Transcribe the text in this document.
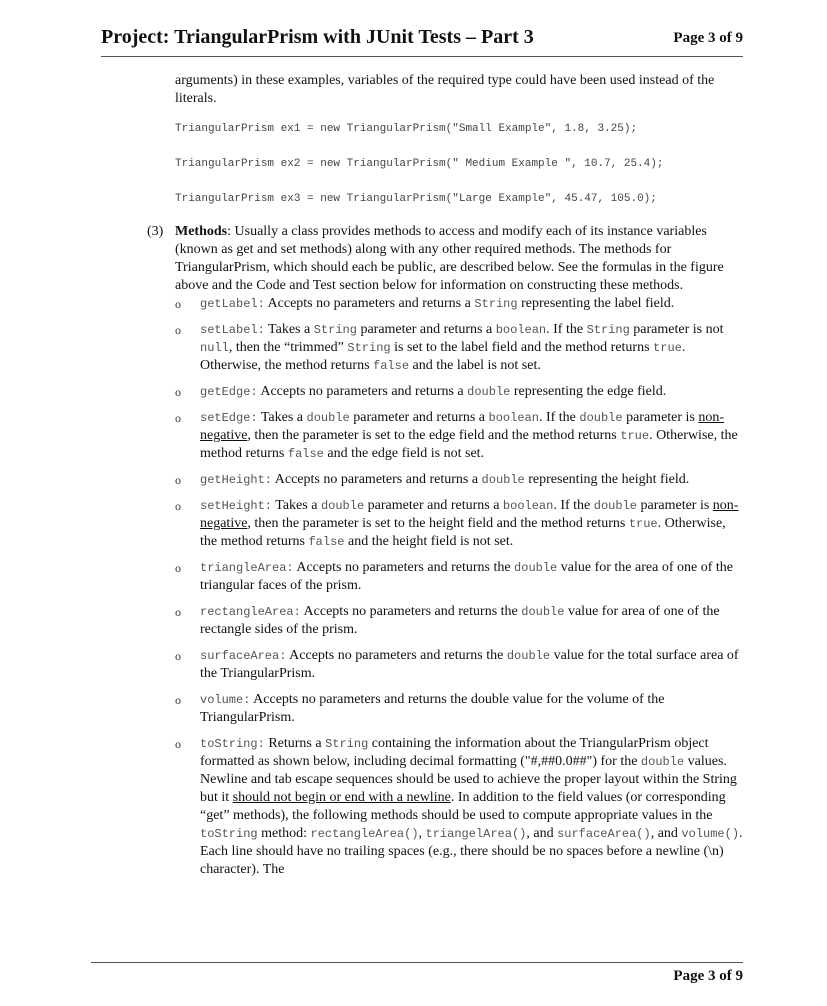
Project: TriangularPrism with JUnit Tests – Part 3	Page 3 of 9

arguments) in these examples, variables of the required type could have been used instead of the literals.

TriangularPrism ex1 = new TriangularPrism("Small Example", 1.8, 3.25);

TriangularPrism ex2 = new TriangularPrism(" Medium Example ", 10.7, 25.4);

TriangularPrism ex3 = new TriangularPrism("Large Example", 45.47, 105.0);

(3) Methods: Usually a class provides methods to access and modify each of its instance variables (known as get and set methods) along with any other required methods. The methods for TriangularPrism, which should each be public, are described below. See the formulas in the figure above and the Code and Test section below for information on constructing these methods.

o getLabel: Accepts no parameters and returns a String representing the label field.
o setLabel: Takes a String parameter and returns a boolean. If the String parameter is not null, then the “trimmed” String is set to the label field and the method returns true. Otherwise, the method returns false and the label is not set.
o getEdge: Accepts no parameters and returns a double representing the edge field.
o setEdge: Takes a double parameter and returns a boolean. If the double parameter is non-negative, then the parameter is set to the edge field and the method returns true. Otherwise, the method returns false and the edge field is not set.
o getHeight: Accepts no parameters and returns a double representing the height field.
o setHeight: Takes a double parameter and returns a boolean. If the double parameter is non-negative, then the parameter is set to the height field and the method returns true. Otherwise, the method returns false and the height field is not set.
o triangleArea: Accepts no parameters and returns the double value for the area of one of the triangular faces of the prism.
o rectangleArea: Accepts no parameters and returns the double value for area of one of the rectangle sides of the prism.
o surfaceArea: Accepts no parameters and returns the double value for the total surface area of the TriangularPrism.
o volume: Accepts no parameters and returns the double value for the volume of the TriangularPrism.
o toString: Returns a String containing the information about the TriangularPrism object formatted as shown below, including decimal formatting ("#,##0.0##") for the double values. Newline and tab escape sequences should be used to achieve the proper layout within the String but it should not begin or end with a newline. In addition to the field values (or corresponding “get” methods), the following methods should be used to compute appropriate values in the toString method: rectangleArea(), triangelArea(), and surfaceArea(), and volume(). Each line should have no trailing spaces (e.g., there should be no spaces before a newline (\n) character). The
Page 3 of 9
